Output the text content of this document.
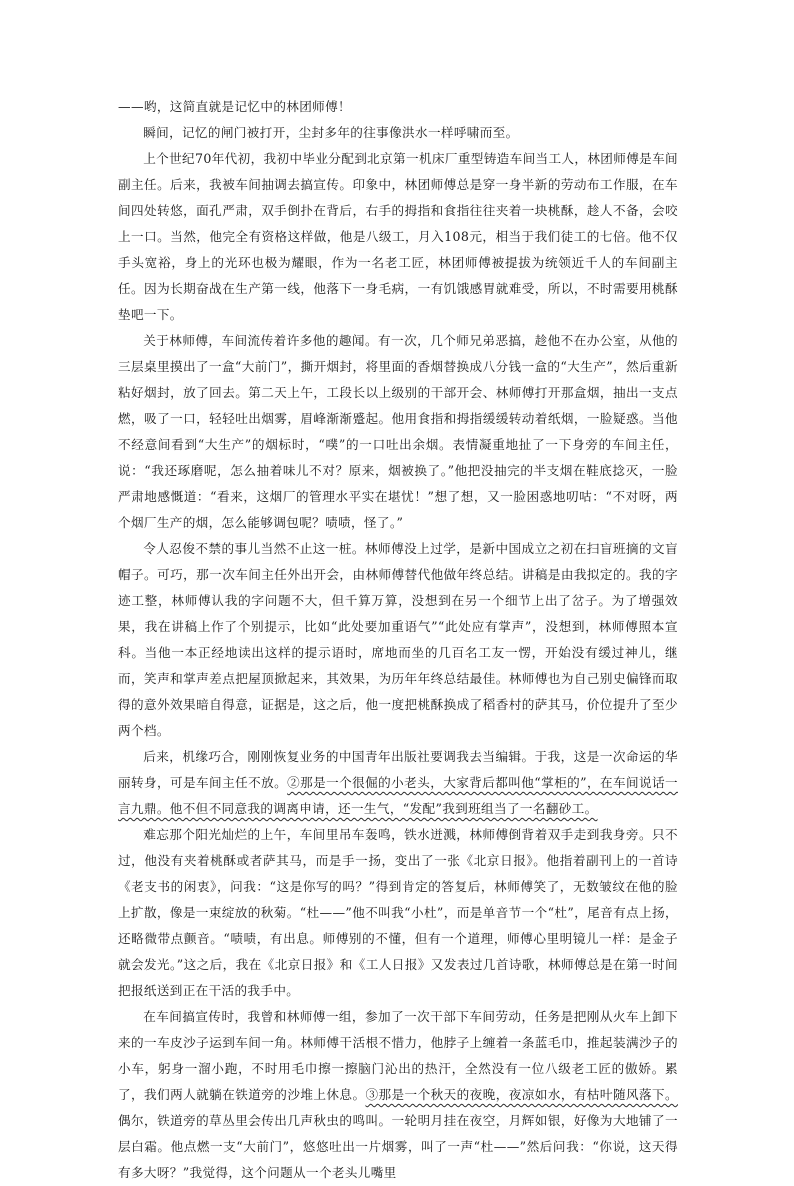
——哟，这简直就是记忆中的林团师傅！

瞬间，记忆的闸门被打开，尘封多年的往事像洪水一样呼啸而至。

上个世纪70年代初，我初中毕业分配到北京第一机床厂重型铸造车间当工人，林团师傅是车间副主任。后来，我被车间抽调去搞宣传。印象中，林团师傅总是穿一身半新的劳动布工作服，在车间四处转悠，面孔严肃，双手倒扑在背后，右手的拇指和食指往往夹着一块桃酥，趁人不备，会咬上一口。当然，他完全有资格这样做，他是八级工，月入108元，相当于我们徒工的七倍。他不仅手头宽裕，身上的光环也极为耀眼，作为一名老工匠，林团师傅被提拔为统领近千人的车间副主任。因为长期奋战在生产第一线，他落下一身毛病，一有饥饿感胃就难受，所以，不时需要用桃酥垫吧一下。

关于林师傅，车间流传着许多他的趣闻。有一次，几个师兄弟恶搞，趁他不在办公室，从他的三层桌里摸出了一盒“大前门”，撕开烟封，将里面的香烟替换成八分钱一盒的“大生产”，然后重新粘好烟封，放了回去。第二天上午，工段长以上级别的干部开会、林师傅打开那盒烟，抽出一支点燃，吸了一口，轻轻吐出烟雾，眉峰渐渐蹙起。他用食指和拇指缓缓转动着纸烟，一脸疑惑。当他不经意间看到“大生产”的烟标时，“噗”的一口吐出余烟。表情凝重地扯了一下身旁的车间主任，说：“我还琢磨呢，怎么抽着味儿不对？原来，烟被换了。”他把没抽完的半支烟在鞋底捻灭，一脸严肃地感慨道：“看来，这烟厂的管理水平实在堪忧！”想了想，又一脸困惑地叨咕：“不对呀，两个烟厂生产的烟，怎么能够调包呢？啧啧，怪了。”

令人忍俊不禁的事儿当然不止这一桩。林师傅没上过学，是新中国成立之初在扫盲班摘的文盲帽子。可巧，那一次车间主任外出开会，由林师傅替代他做年终总结。讲稿是由我拟定的。我的字迹工整，林师傅认我的字问题不大，但千算万算，没想到在另一个细节上出了岔子。为了增强效果，我在讲稿上作了个别提示，比如“此处要加重语气”“此处应有掌声”，没想到，林师傅照本宣科。当他一本正经地读出这样的提示语时，席地而坐的几百名工友一愣，开始没有缓过神儿，继而，笑声和掌声差点把屋顶掀起来，其效果，为历年年终总结最佳。林师傅也为自己别史偏锋而取得的意外效果暗自得意，证据是，这之后，他一度把桃酥换成了稻香村的萨其马，价位提升了至少两个档。

后来，机缘巧合，刚刚恢复业务的中国青年出版社要调我去当编辑。于我，这是一次命运的华丽转身，可是车间主任不放。②那是一个很倔的小老头，大家背后都叫他“掌柜的”，在车间说话一言九鼎。他不但不同意我的调离申请，还一生气，“发配”我到班组当了一名翻砂工。

难忘那个阳光灿烂的上午，车间里吊车轰鸣，铁水迸溅，林师傅倒背着双手走到我身旁。只不过，他没有夹着桃酥或者萨其马，而是手一扬，变出了一张《北京日报》。他指着副刊上的一首诗《老支书的闲衷》，问我：“这是你写的吗？”得到肯定的答复后，林师傅笑了，无数皱纹在他的脸上扩散，像是一束绽放的秋菊。“杜——”他不叫我“小杜”，而是单音节一个“杜”，尾音有点上扬，还略微带点颤音。“啧啧，有出息。师傅别的不懂，但有一个道理，师傅心里明镜儿一样：是金子就会发光。”这之后，我在《北京日报》和《工人日报》又发表过几首诗歌，林师傅总是在第一时间把报纸送到正在干活的我手中。

在车间搞宣传时，我曾和林师傅一组，参加了一次干部下车间劳动，任务是把刚从火车上卸下来的一车皮沙子运到车间一角。林师傅干活根不惜力，他脖子上缠着一条蓝毛巾，推起装满沙子的小车，躬身一溜小跑，不时用毛巾擦一擦脑门沁出的热汗，全然没有一位八级老工匠的傲娇。累了，我们两人就躺在铁道旁的沙堆上休息。③那是一个秋天的夜晚，夜凉如水，有枯叶随风落下。偶尔，铁道旁的草丛里会传出几声秋虫的鸣叫。一轮明月挂在夜空，月辉如银，好像为大地铺了一层白霜。他点燃一支“大前门”，悠悠吐出一片烟雾，叫了一声“杜——”然后问我：“你说，这天得有多大呀？”我觉得，这个问题从一个老头儿嘴里
